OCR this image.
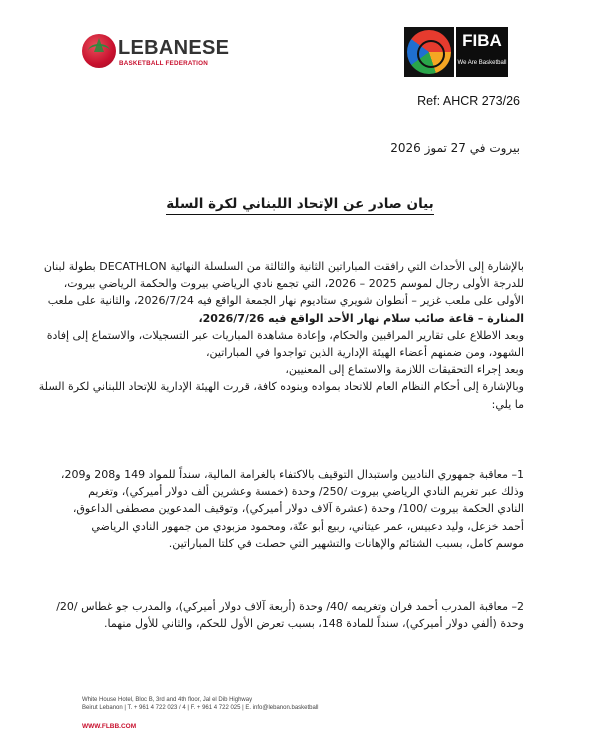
LEBANESE
BASKETBALL FEDERATION
FIBA
We Are Basketball
Ref: AHCR 273/26
بيروت في 27 تموز 2026
بيان صادر عن الإتحاد اللبناني لكرة السلة
بالإشارة إلى الأحداث التي رافقت المباراتين الثانية والثالثة من السلسلة النهائية DECATHLON بطولة لبنان
للدرجة الأولى رجال لموسم 2025 – 2026، التي تجمع نادي الرياضي بيروت والحكمة الرياضي بيروت،
الأولى على ملعب غزير – أنطوان شويري ستاديوم نهار الجمعة الواقع فيه 2026/7/24، والثانية على ملعب
المنارة – قاعة صائب سلام نهار الأحد الواقع فيه 2026/7/26،
وبعد الاطلاع على تقارير المراقبين والحكام، وإعادة مشاهدة المباريات عبر التسجيلات، والاستماع إلى إفادة
الشهود، ومن ضمنهم أعضاء الهيئة الإدارية الذين تواجدوا في المباراتين،
وبعد إجراء التحقيقات اللازمة والاستماع إلى المعنيين،
وبالإشارة إلى أحكام النظام العام للاتحاد بمواده وبنوده كافة، قررت الهيئة الإدارية للإتحاد اللبناني لكرة السلة
ما يلي:
1– معاقبة جمهوري الناديين واستبدال التوقيف بالاكتفاء بالغرامة المالية، سنداً للمواد 149 و208 و209،
وذلك عبر تغريم النادي الرياضي بيروت /250/ وحدة (خمسة وعشرين ألف دولار أميركي)، وتغريم
النادي الحكمة بيروت /100/ وحدة (عشرة آلاف دولار أميركي)، وتوقيف المدعوين مصطفى الداعوق،
أحمد خزعل، وليد دعبيس، عمر عيتاني، ربيع أبو عتّة، ومحمود مزبودي من جمهور النادي الرياضي
موسم كامل، بسبب الشتائم والإهانات والتشهير التي حصلت في كلتا المباراتين.
2– معاقبة المدرب أحمد فران وتغريمه /40/ وحدة (أربعة آلاف دولار أميركي)، والمدرب جو غطاس /20/
وحدة (ألفي دولار أميركي)، سنداً للمادة 148، بسبب تعرض الأول للحكم، والثاني للأول منهما.
White House Hotel, Bloc B, 3rd and 4th floor, Jal el Dib Highway
Beirut Lebanon | T. + 961 4 722 023 / 4 | F. + 961 4 722 025 | E. info@lebanon.basketball
WWW.FLBB.COM
